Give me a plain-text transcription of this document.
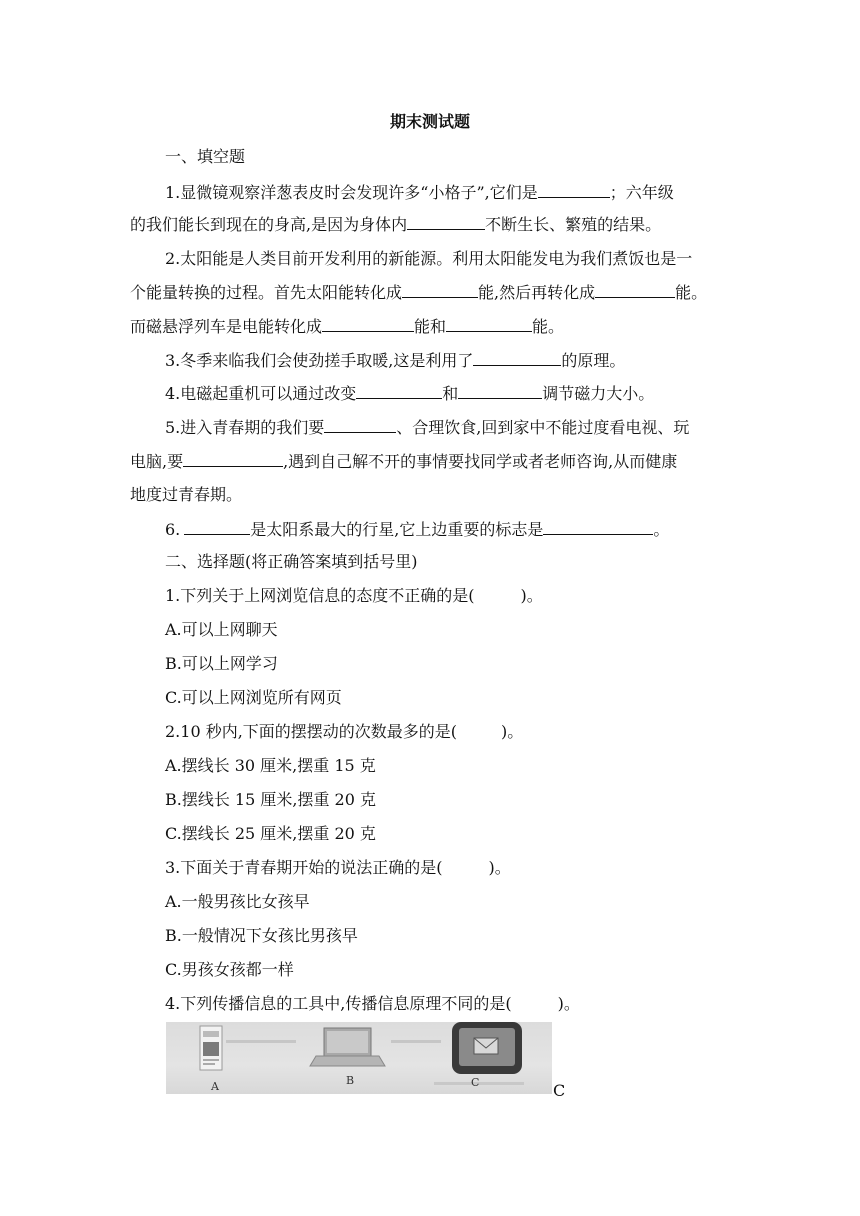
期末测试题
一、填空题
1.显微镜观察洋葱表皮时会发现许多“小格子”,它们是	；六年级
的我们能长到现在的身高,是因为身体内	不断生长、繁殖的结果。
2.太阳能是人类目前开发利用的新能源。利用太阳能发电为我们煮饭也是一
个能量转换的过程。首先太阳能转化成	能,然后再转化成	能。
而磁悬浮列车是电能转化成	能和	能。
3.冬季来临我们会使劲搓手取暖,这是利用了	的原理。
4.电磁起重机可以通过改变	和	调节磁力大小。
5.进入青春期的我们要	、合理饮食,回到家中不能过度看电视、玩
电脑,要	,遇到自己解不开的事情要找同学或者老师咨询,从而健康
地度过青春期。
6.	是太阳系最大的行星,它上边重要的标志是	。
二、选择题(将正确答案填到括号里)
1.下列关于上网浏览信息的态度不正确的是(	)。
A.可以上网聊天
B.可以上网学习
C.可以上网浏览所有网页
2.10 秒内,下面的摆摆动的次数最多的是(	)。
A.摆线长 30 厘米,摆重 15 克
B.摆线长 15 厘米,摆重 20 克
C.摆线长 25 厘米,摆重 20 克
3.下面关于青春期开始的说法正确的是(	)。
A.一般男孩比女孩早
B.一般情况下女孩比男孩早
C.男孩女孩都一样
4.下列传播信息的工具中,传播信息原理不同的是(	)。
A	B	C	C
